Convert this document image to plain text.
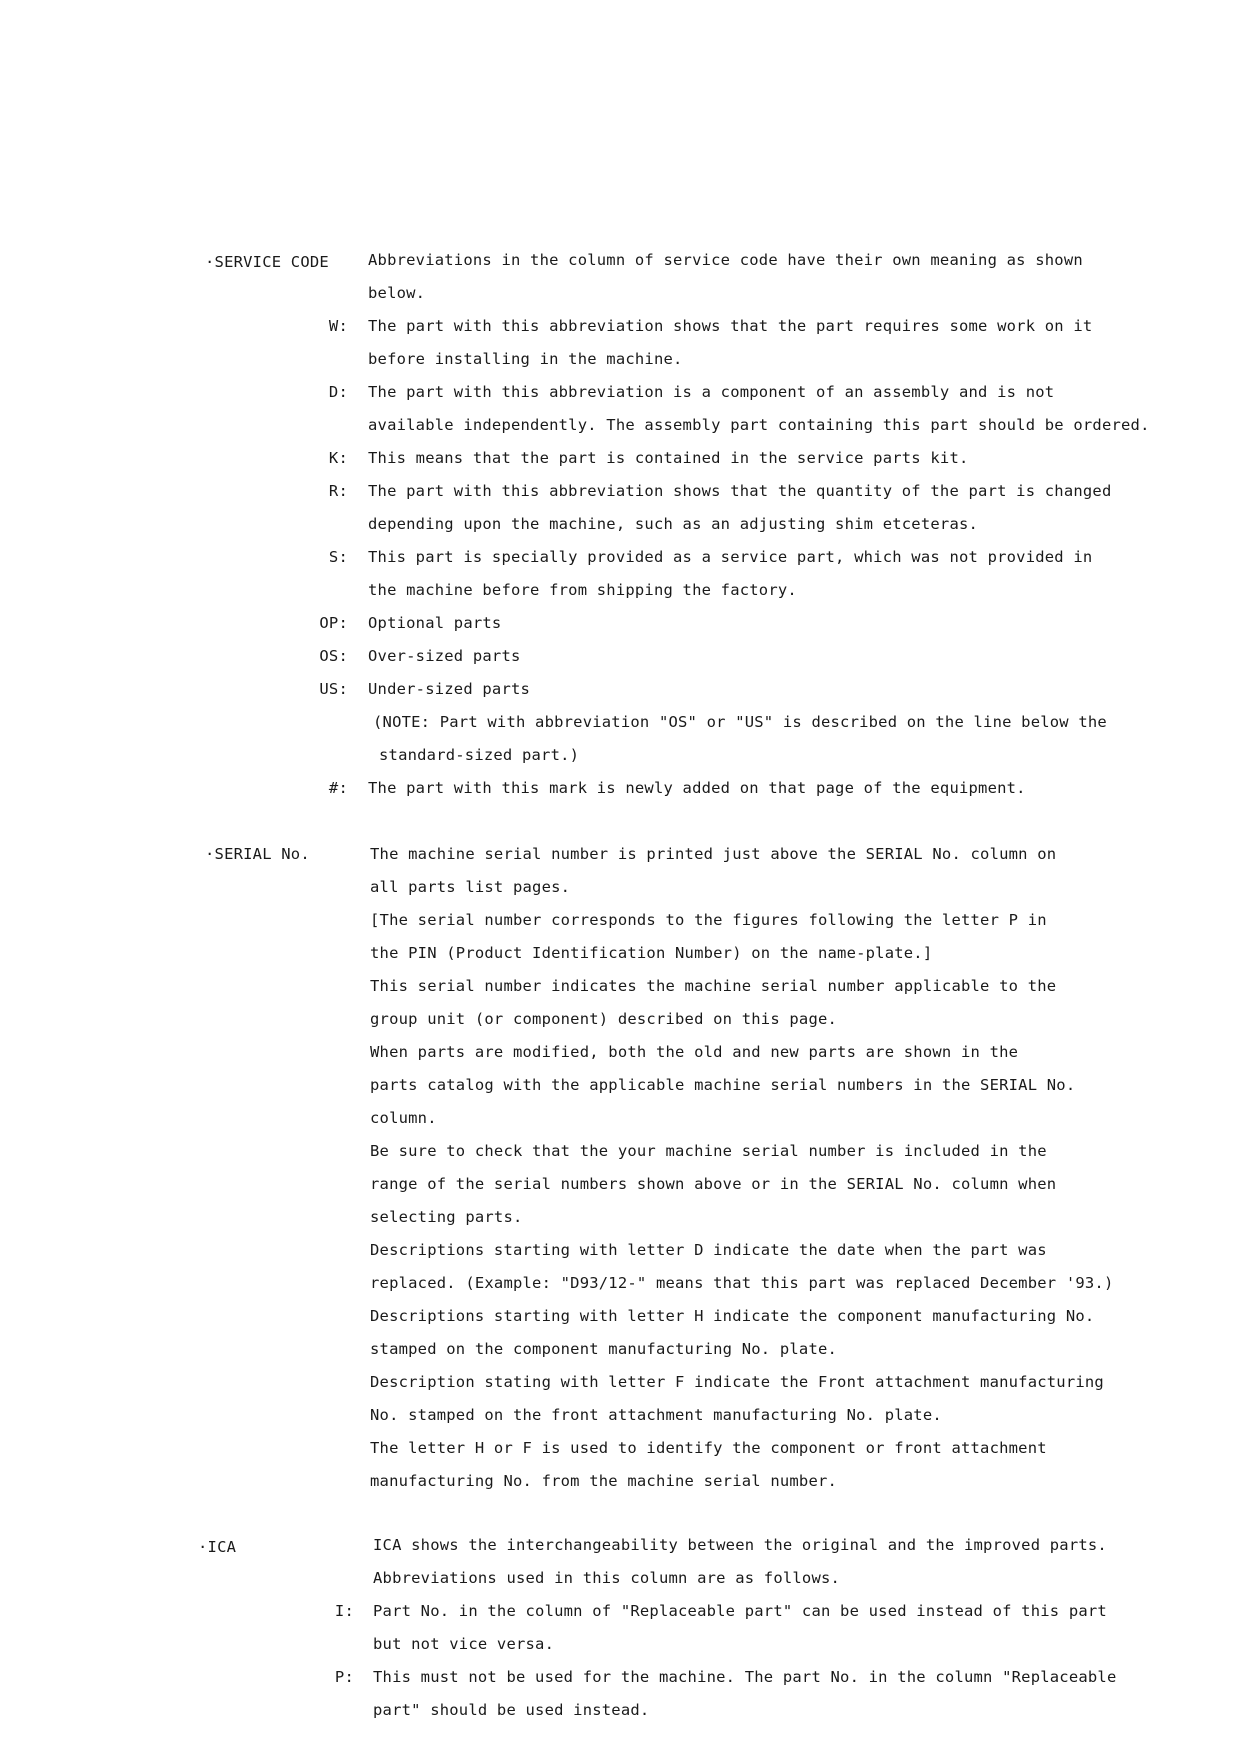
·SERVICE CODE	Abbreviations in the column of service code have their own meaning as shown
below.
W: The part with this abbreviation shows that the part requires some work on it
before installing in the machine.
D: The part with this abbreviation is a component of an assembly and is not
available independently. The assembly part containing this part should be ordered.
K: This means that the part is contained in the service parts kit.
R: The part with this abbreviation shows that the quantity of the part is changed
depending upon the machine, such as an adjusting shim etceteras.
S: This part is specially provided as a service part, which was not provided in
the machine before from shipping the factory.
OP: Optional parts
OS: Over-sized parts
US: Under-sized parts
(NOTE: Part with abbreviation "OS" or "US" is described on the line below the
standard-sized part.)
#: The part with this mark is newly added on that page of the equipment.
·SERIAL No.	The machine serial number is printed just above the SERIAL No. column on
all parts list pages.
[The serial number corresponds to the figures following the letter P in
the PIN (Product Identification Number) on the name-plate.]
This serial number indicates the machine serial number applicable to the
group unit (or component) described on this page.
When parts are modified, both the old and new parts are shown in the
parts catalog with the applicable machine serial numbers in the SERIAL No.
column.
Be sure to check that the your machine serial number is included in the
range of the serial numbers shown above or in the SERIAL No. column when
selecting parts.
Descriptions starting with letter D indicate the date when the part was
replaced. (Example: "D93/12-" means that this part was replaced December '93.)
Descriptions starting with letter H indicate the component manufacturing No.
stamped on the component manufacturing No. plate.
Description stating with letter F indicate the Front attachment manufacturing
No. stamped on the front attachment manufacturing No. plate.
The letter H or F is used to identify the component or front attachment
manufacturing No. from the machine serial number.
·ICA	ICA shows the interchangeability between the original and the improved parts.
Abbreviations used in this column are as follows.
I: Part No. in the column of "Replaceable part" can be used instead of this part
but not vice versa.
P: This must not be used for the machine. The part No. in the column "Replaceable
part" should be used instead.
